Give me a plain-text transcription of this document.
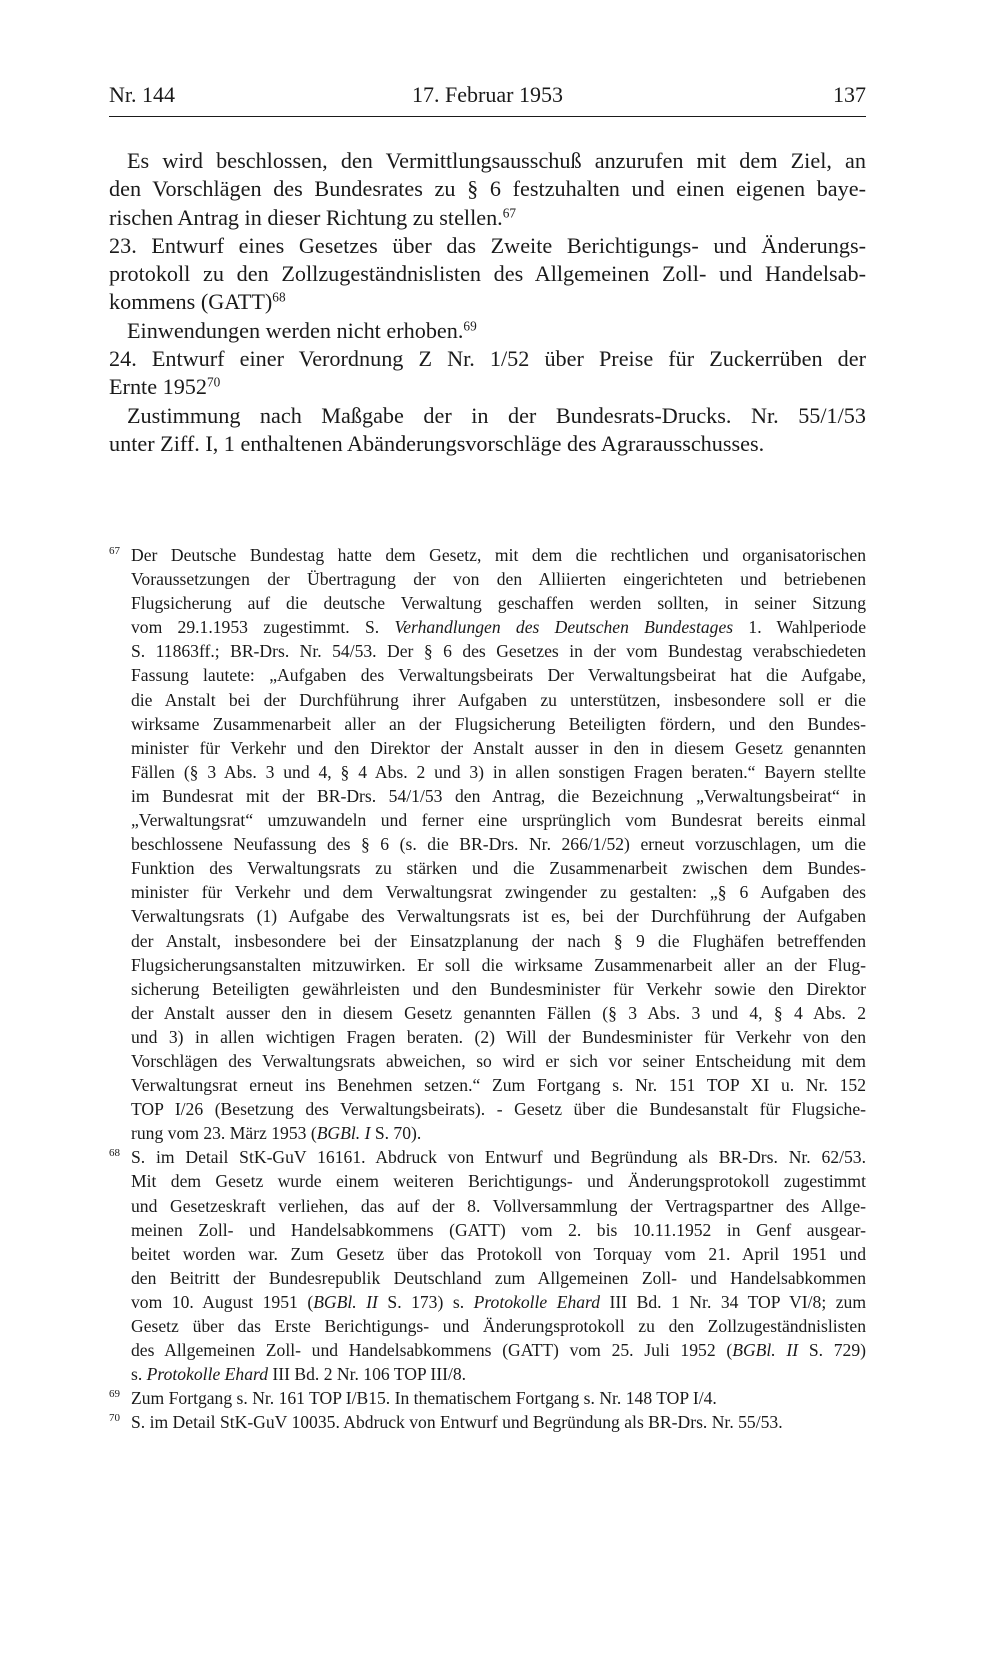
Nr. 144	17. Februar 1953	137
Es wird beschlossen, den Vermittlungsausschuß anzurufen mit dem Ziel, an
den Vorschlägen des Bundesrates zu § 6 festzuhalten und einen eigenen baye-
rischen Antrag in dieser Richtung zu stellen.$^{67}$
23. Entwurf eines Gesetzes über das Zweite Berichtigungs- und Änderungs-
protokoll zu den Zollzugeständnislisten des Allgemeinen Zoll- und Handelsab-
kommens (GATT)$^{68}$
Einwendungen werden nicht erhoben.$^{69}$
24. Entwurf einer Verordnung Z Nr. 1/52 über Preise für Zuckerrüben der
Ernte 1952$^{70}$
Zustimmung nach Maßgabe der in der Bundesrats-Drucks. Nr. 55/1/53
unter Ziff. I, 1 enthaltenen Abänderungsvorschläge des Agrarausschusses.
67 Der Deutsche Bundestag hatte dem Gesetz, mit dem die rechtlichen und organisatorischen
Voraussetzungen der Übertragung der von den Alliierten eingerichteten und betriebenen
Flugsicherung auf die deutsche Verwaltung geschaffen werden sollten, in seiner Sitzung
vom 29.1.1953 zugestimmt. S. Verhandlungen des Deutschen Bundestages 1. Wahlperiode
S. 11863ff.; BR-Drs. Nr. 54/53. Der § 6 des Gesetzes in der vom Bundestag verabschiedeten
Fassung lautete: „Aufgaben des Verwaltungsbeirats Der Verwaltungsbeirat hat die Aufgabe,
die Anstalt bei der Durchführung ihrer Aufgaben zu unterstützen, insbesondere soll er die
wirksame Zusammenarbeit aller an der Flugsicherung Beteiligten fördern, und den Bundes-
minister für Verkehr und den Direktor der Anstalt ausser in den in diesem Gesetz genannten
Fällen (§ 3 Abs. 3 und 4, § 4 Abs. 2 und 3) in allen sonstigen Fragen beraten.“ Bayern stellte
im Bundesrat mit der BR-Drs. 54/1/53 den Antrag, die Bezeichnung „Verwaltungsbeirat“ in
„Verwaltungsrat“ umzuwandeln und ferner eine ursprünglich vom Bundesrat bereits einmal
beschlossene Neufassung des § 6 (s. die BR-Drs. Nr. 266/1/52) erneut vorzuschlagen, um die
Funktion des Verwaltungsrats zu stärken und die Zusammenarbeit zwischen dem Bundes-
minister für Verkehr und dem Verwaltungsrat zwingender zu gestalten: „§ 6 Aufgaben des
Verwaltungsrats (1) Aufgabe des Verwaltungsrats ist es, bei der Durchführung der Aufgaben
der Anstalt, insbesondere bei der Einsatzplanung der nach § 9 die Flughäfen betreffenden
Flugsicherungsanstalten mitzuwirken. Er soll die wirksame Zusammenarbeit aller an der Flug-
sicherung Beteiligten gewährleisten und den Bundesminister für Verkehr sowie den Direktor
der Anstalt ausser den in diesem Gesetz genannten Fällen (§ 3 Abs. 3 und 4, § 4 Abs. 2
und 3) in allen wichtigen Fragen beraten. (2) Will der Bundesminister für Verkehr von den
Vorschlägen des Verwaltungsrats abweichen, so wird er sich vor seiner Entscheidung mit dem
Verwaltungsrat erneut ins Benehmen setzen.“ Zum Fortgang s. Nr. 151 TOP XI u. Nr. 152
TOP I/26 (Besetzung des Verwaltungsbeirats). - Gesetz über die Bundesanstalt für Flugsiche-
rung vom 23. März 1953 (BGBl. I S. 70).
68 S. im Detail StK-GuV 16161. Abdruck von Entwurf und Begründung als BR-Drs. Nr. 62/53.
Mit dem Gesetz wurde einem weiteren Berichtigungs- und Änderungsprotokoll zugestimmt
und Gesetzeskraft verliehen, das auf der 8. Vollversammlung der Vertragspartner des Allge-
meinen Zoll- und Handelsabkommens (GATT) vom 2. bis 10.11.1952 in Genf ausgear-
beitet worden war. Zum Gesetz über das Protokoll von Torquay vom 21. April 1951 und
den Beitritt der Bundesrepublik Deutschland zum Allgemeinen Zoll- und Handelsabkommen
vom 10. August 1951 (BGBl. II S. 173) s. Protokolle Ehard III Bd. 1 Nr. 34 TOP VI/8; zum
Gesetz über das Erste Berichtigungs- und Änderungsprotokoll zu den Zollzugeständnislisten
des Allgemeinen Zoll- und Handelsabkommens (GATT) vom 25. Juli 1952 (BGBl. II S. 729)
s. Protokolle Ehard III Bd. 2 Nr. 106 TOP III/8.
69 Zum Fortgang s. Nr. 161 TOP I/B15. In thematischem Fortgang s. Nr. 148 TOP I/4.
70 S. im Detail StK-GuV 10035. Abdruck von Entwurf und Begründung als BR-Drs. Nr. 55/53.
